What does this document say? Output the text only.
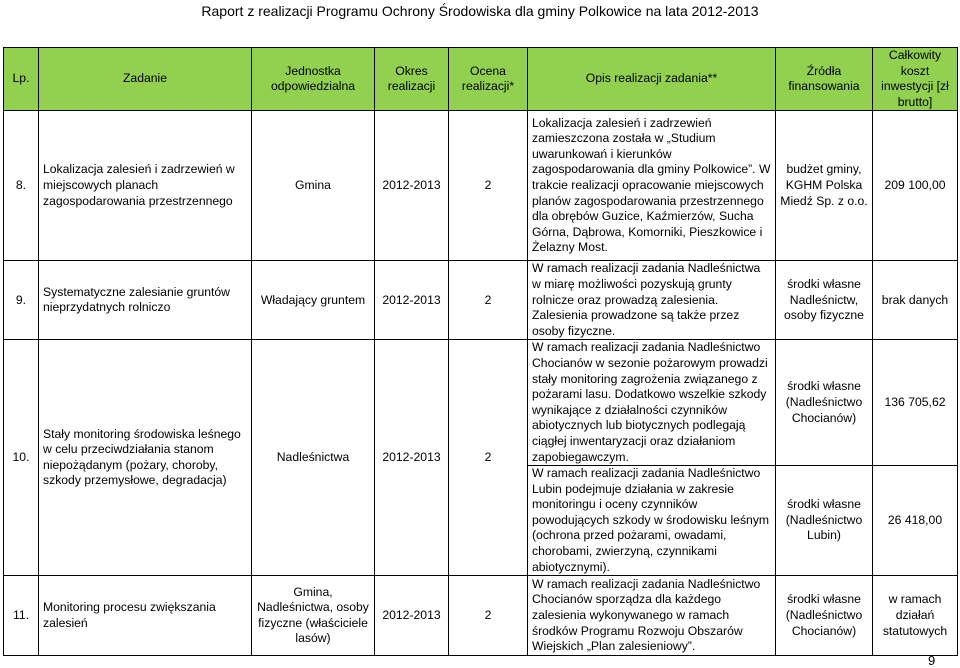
Raport z realizacji Programu Ochrony Środowiska dla gminy Polkowice na lata 2012-2013
Lp.	Zadanie	Jednostka odpowiedzialna	Okres realizacji	Ocena realizacji*	Opis realizacji zadania**	Źródła finansowania	Całkowity koszt inwestycji [zł brutto]
8.	Lokalizacja zalesień i zadrzewień w miejscowych planach zagospodarowania przestrzennego	Gmina	2012-2013	2	Lokalizacja zalesień i zadrzewień zamieszczona została w „Studium uwarunkowań i kierunków zagospodarowania dla gminy Polkowice”. W trakcie realizacji opracowanie miejscowych planów zagospodarowania przestrzennego dla obrębów Guzice, Kaźmierzów, Sucha Górna, Dąbrowa, Komorniki, Pieszkowice i Żelazny Most.	budżet gminy, KGHM Polska Miedź Sp. z o.o.	209 100,00
9.	Systematyczne zalesianie gruntów nieprzydatnych rolniczo	Władający gruntem	2012-2013	2	W ramach realizacji zadania Nadleśnictwa w miarę możliwości pozyskują grunty rolnicze oraz prowadzą zalesienia. Zalesienia prowadzone są także przez osoby fizyczne.	środki własne Nadleśnictw, osoby fizyczne	brak danych
10.	Stały monitoring środowiska leśnego w celu przeciwdziałania stanom niepożądanym (pożary, choroby, szkody przemysłowe, degradacja)	Nadleśnictwa	2012-2013	2	W ramach realizacji zadania Nadleśnictwo Chocianów w sezonie pożarowym prowadzi stały monitoring zagrożenia związanego z pożarami lasu. Dodatkowo wszelkie szkody wynikające z działalności czynników abiotycznych lub biotycznych podlegają ciągłej inwentaryzacji oraz działaniom zapobiegawczym.	środki własne (Nadleśnictwo Chocianów)	136 705,62
					W ramach realizacji zadania Nadleśnictwo Lubin podejmuje działania w zakresie monitoringu i oceny czynników powodujących szkody w środowisku leśnym (ochrona przed pożarami, owadami, chorobami, zwierzyną, czynnikami abiotycznymi).	środki własne (Nadleśnictwo Lubin)	26 418,00
11.	Monitoring procesu zwiększania zalesień	Gmina, Nadleśnictwa, osoby fizyczne (właściciele lasów)	2012-2013	2	W ramach realizacji zadania Nadleśnictwo Chocianów sporządza dla każdego zalesienia wykonywanego w ramach środków Programu Rozwoju Obszarów Wiejskich „Plan zalesieniowy”.	środki własne (Nadleśnictwo Chocianów)	w ramach działań statutowych
9
